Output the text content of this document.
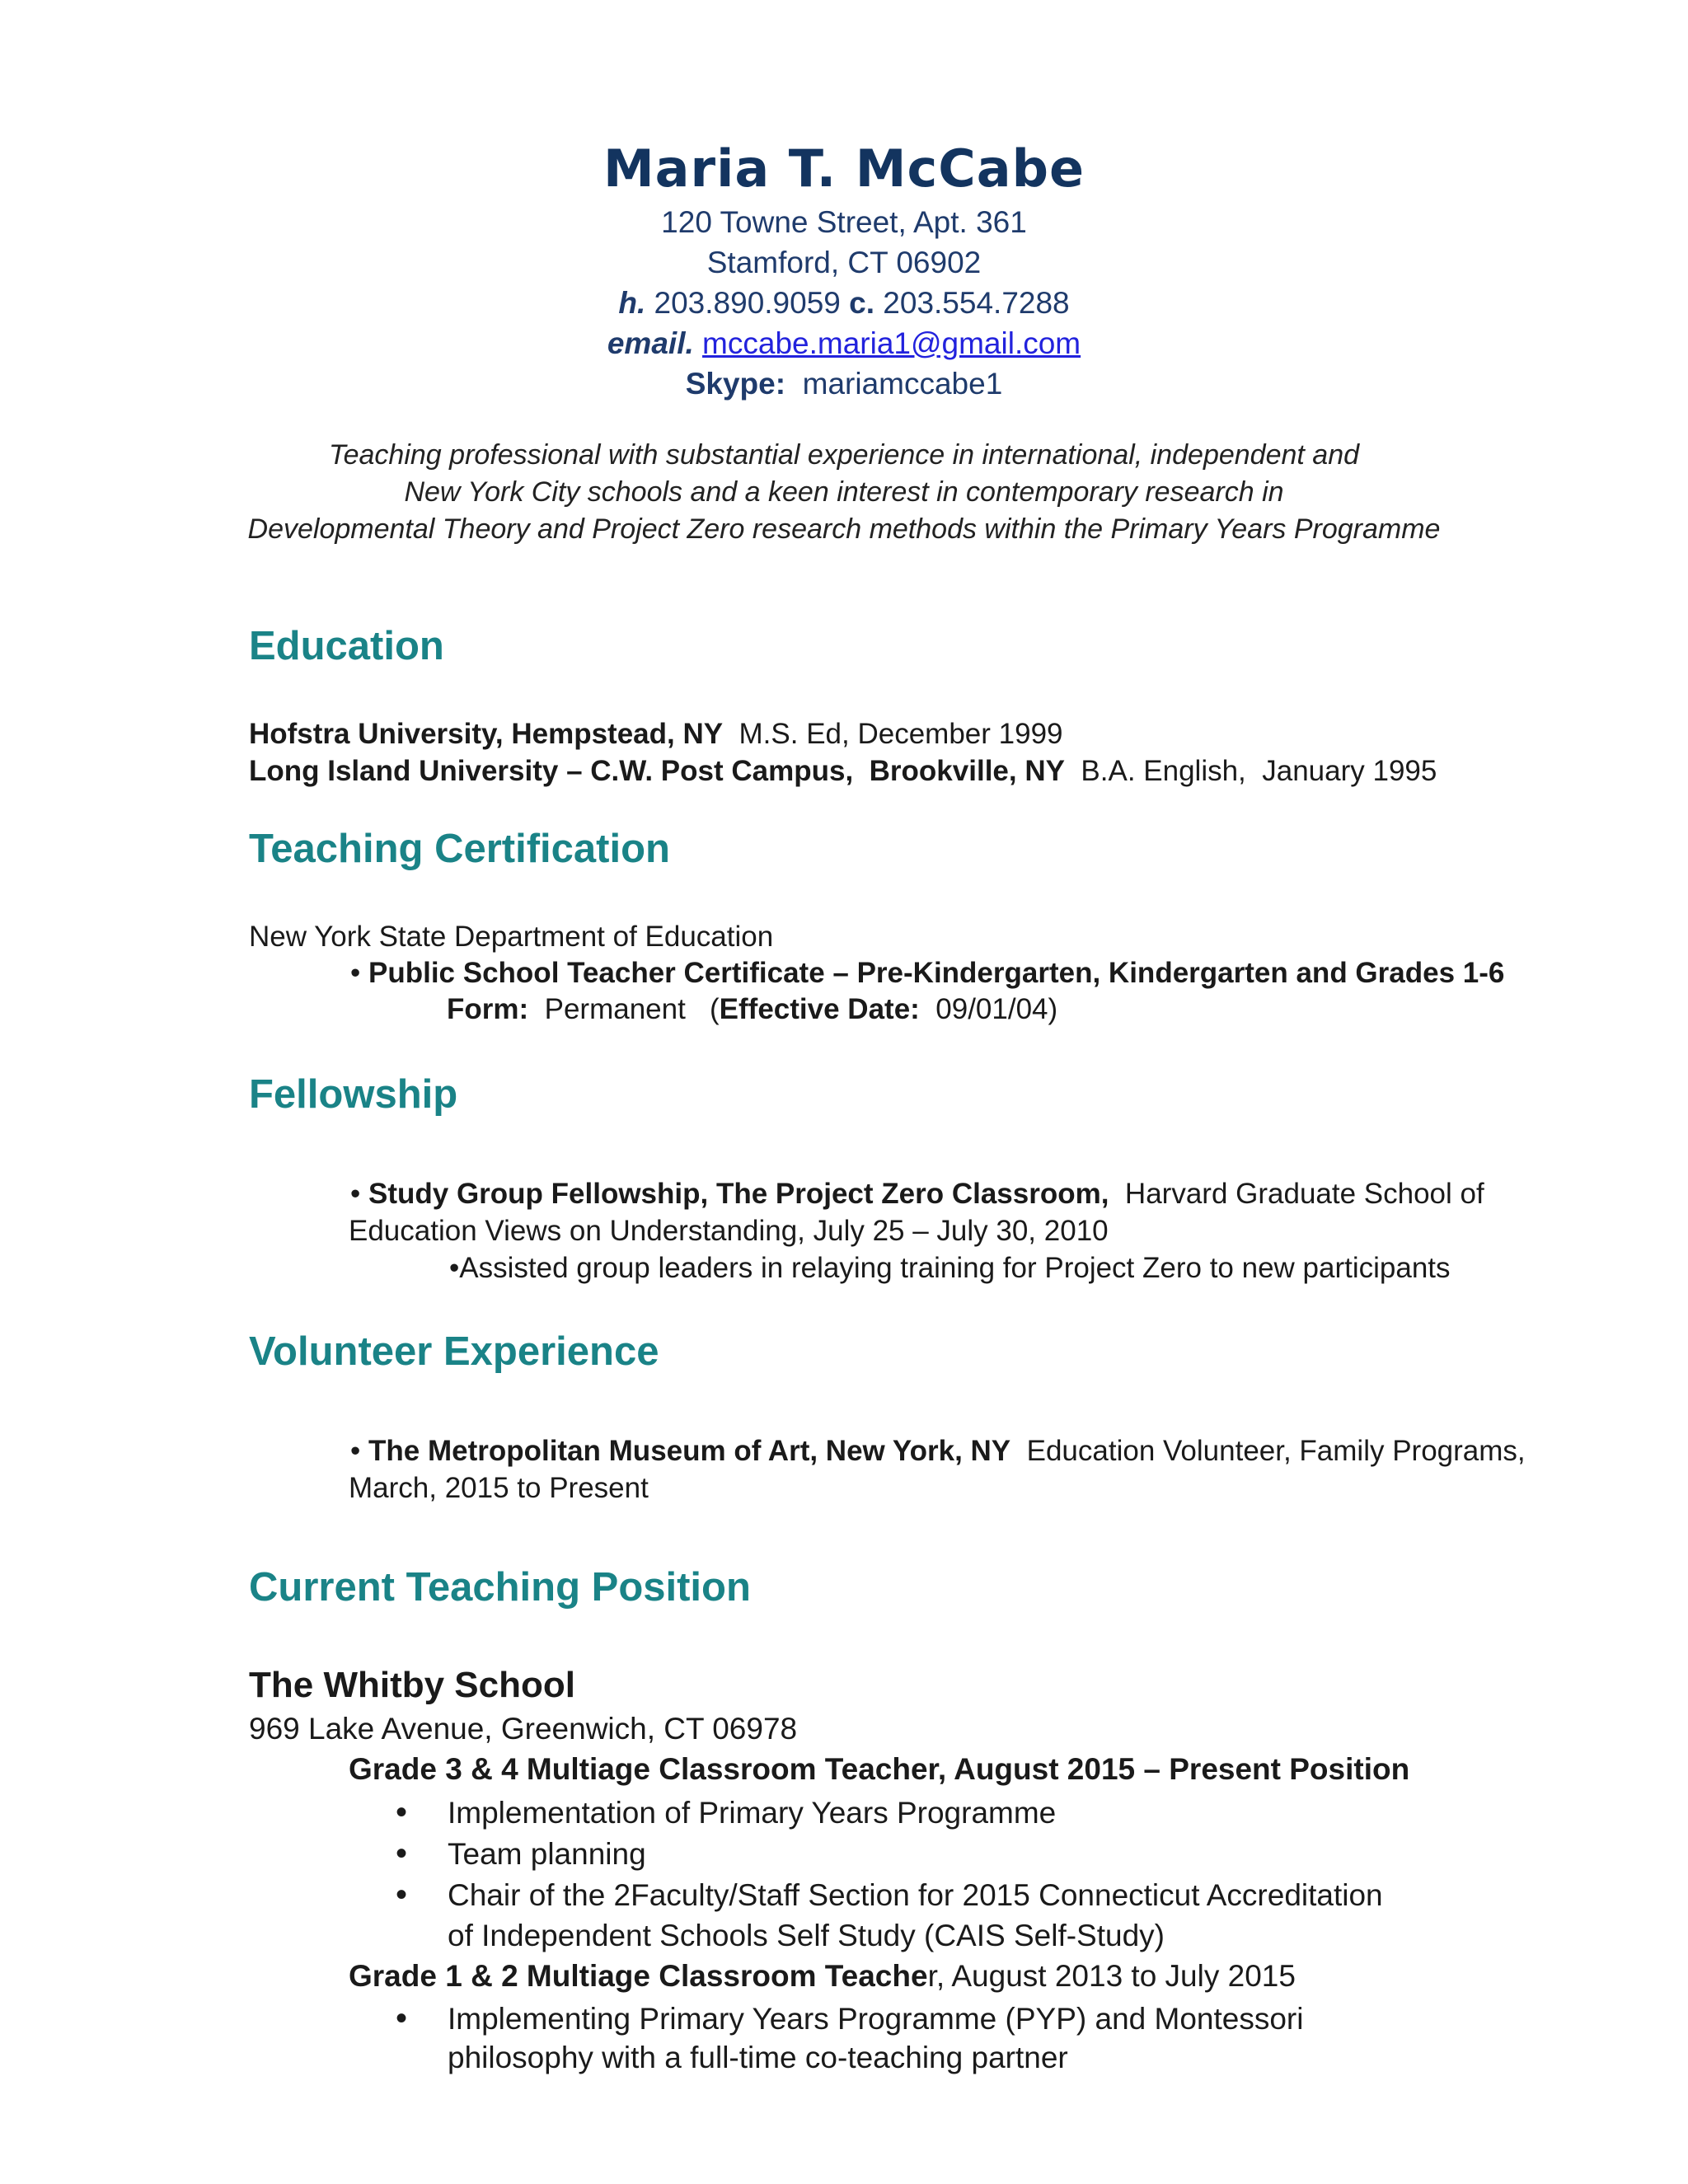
Maria T. McCabe
120 Towne Street, Apt. 361
Stamford, CT 06902
h. 203.890.9059 c. 203.554.7288
email. mccabe.maria1@gmail.com
Skype: mariamccabe1
Teaching professional with substantial experience in international, independent and
New York City schools and a keen interest in contemporary research in
Developmental Theory and Project Zero research methods within the Primary Years Programme
Education
Hofstra University, Hempstead, NY M.S. Ed, December 1999
Long Island University – C.W. Post Campus, Brookville, NY B.A. English, January 1995
Teaching Certification
New York State Department of Education
• Public School Teacher Certificate – Pre-Kindergarten, Kindergarten and Grades 1-6
Form: Permanent (Effective Date: 09/01/04)
Fellowship
• Study Group Fellowship, The Project Zero Classroom, Harvard Graduate School of
Education Views on Understanding, July 25 – July 30, 2010
•Assisted group leaders in relaying training for Project Zero to new participants
Volunteer Experience
• The Metropolitan Museum of Art, New York, NY Education Volunteer, Family Programs,
March, 2015 to Present
Current Teaching Position
The Whitby School
969 Lake Avenue, Greenwich, CT 06978
Grade 3 & 4 Multiage Classroom Teacher, August 2015 – Present Position
• Implementation of Primary Years Programme
• Team planning
• Chair of the 2Faculty/Staff Section for 2015 Connecticut Accreditation
of Independent Schools Self Study (CAIS Self-Study)
Grade 1 & 2 Multiage Classroom Teacher, August 2013 to July 2015
• Implementing Primary Years Programme (PYP) and Montessori
philosophy with a full-time co-teaching partner
